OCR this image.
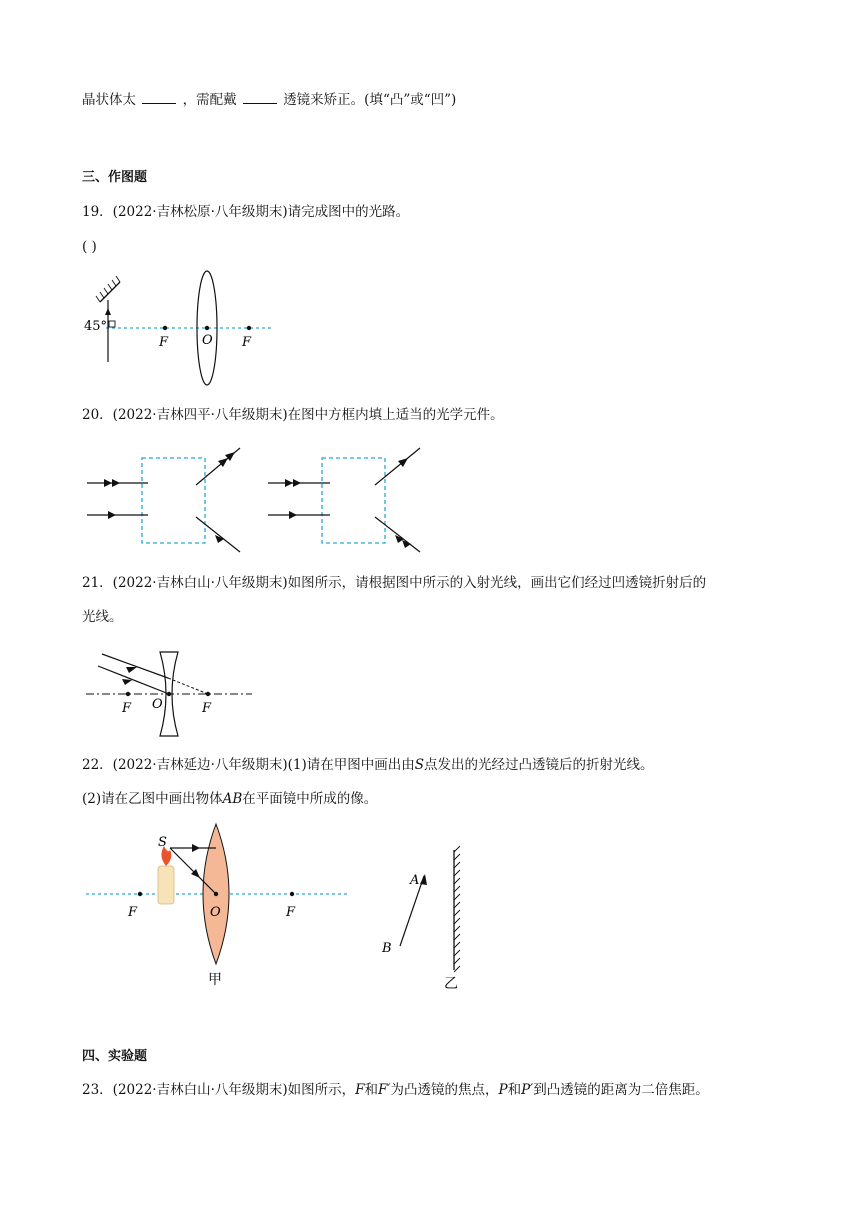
晶状体太	，需配戴	透镜来矫正。(填“凸”或“凹”)
三、作图题
19．(2022·吉林松原·八年级期末)请完成图中的光路。
( )
45°
F	O F
20．(2022·吉林四平·八年级期末)在图中方框内填上适当的光学元件。
21．(2022·吉林白山·八年级期末)如图所示，请根据图中所示的入射光线，画出它们经过凹透镜折射后的
光线。
F O	F
22．(2022·吉林延边·八年级期末)(1)请在甲图中画出由S点发出的光经过凸透镜后的折射光线。
(2)请在乙图中画出物体AB在平面镜中所成的像。
S
F	O	F
甲
A
B
乙
四、实验题
23．(2022·吉林白山·八年级期末)如图所示，F和F′为凸透镜的焦点，P和P′到凸透镜的距离为二倍焦距。
